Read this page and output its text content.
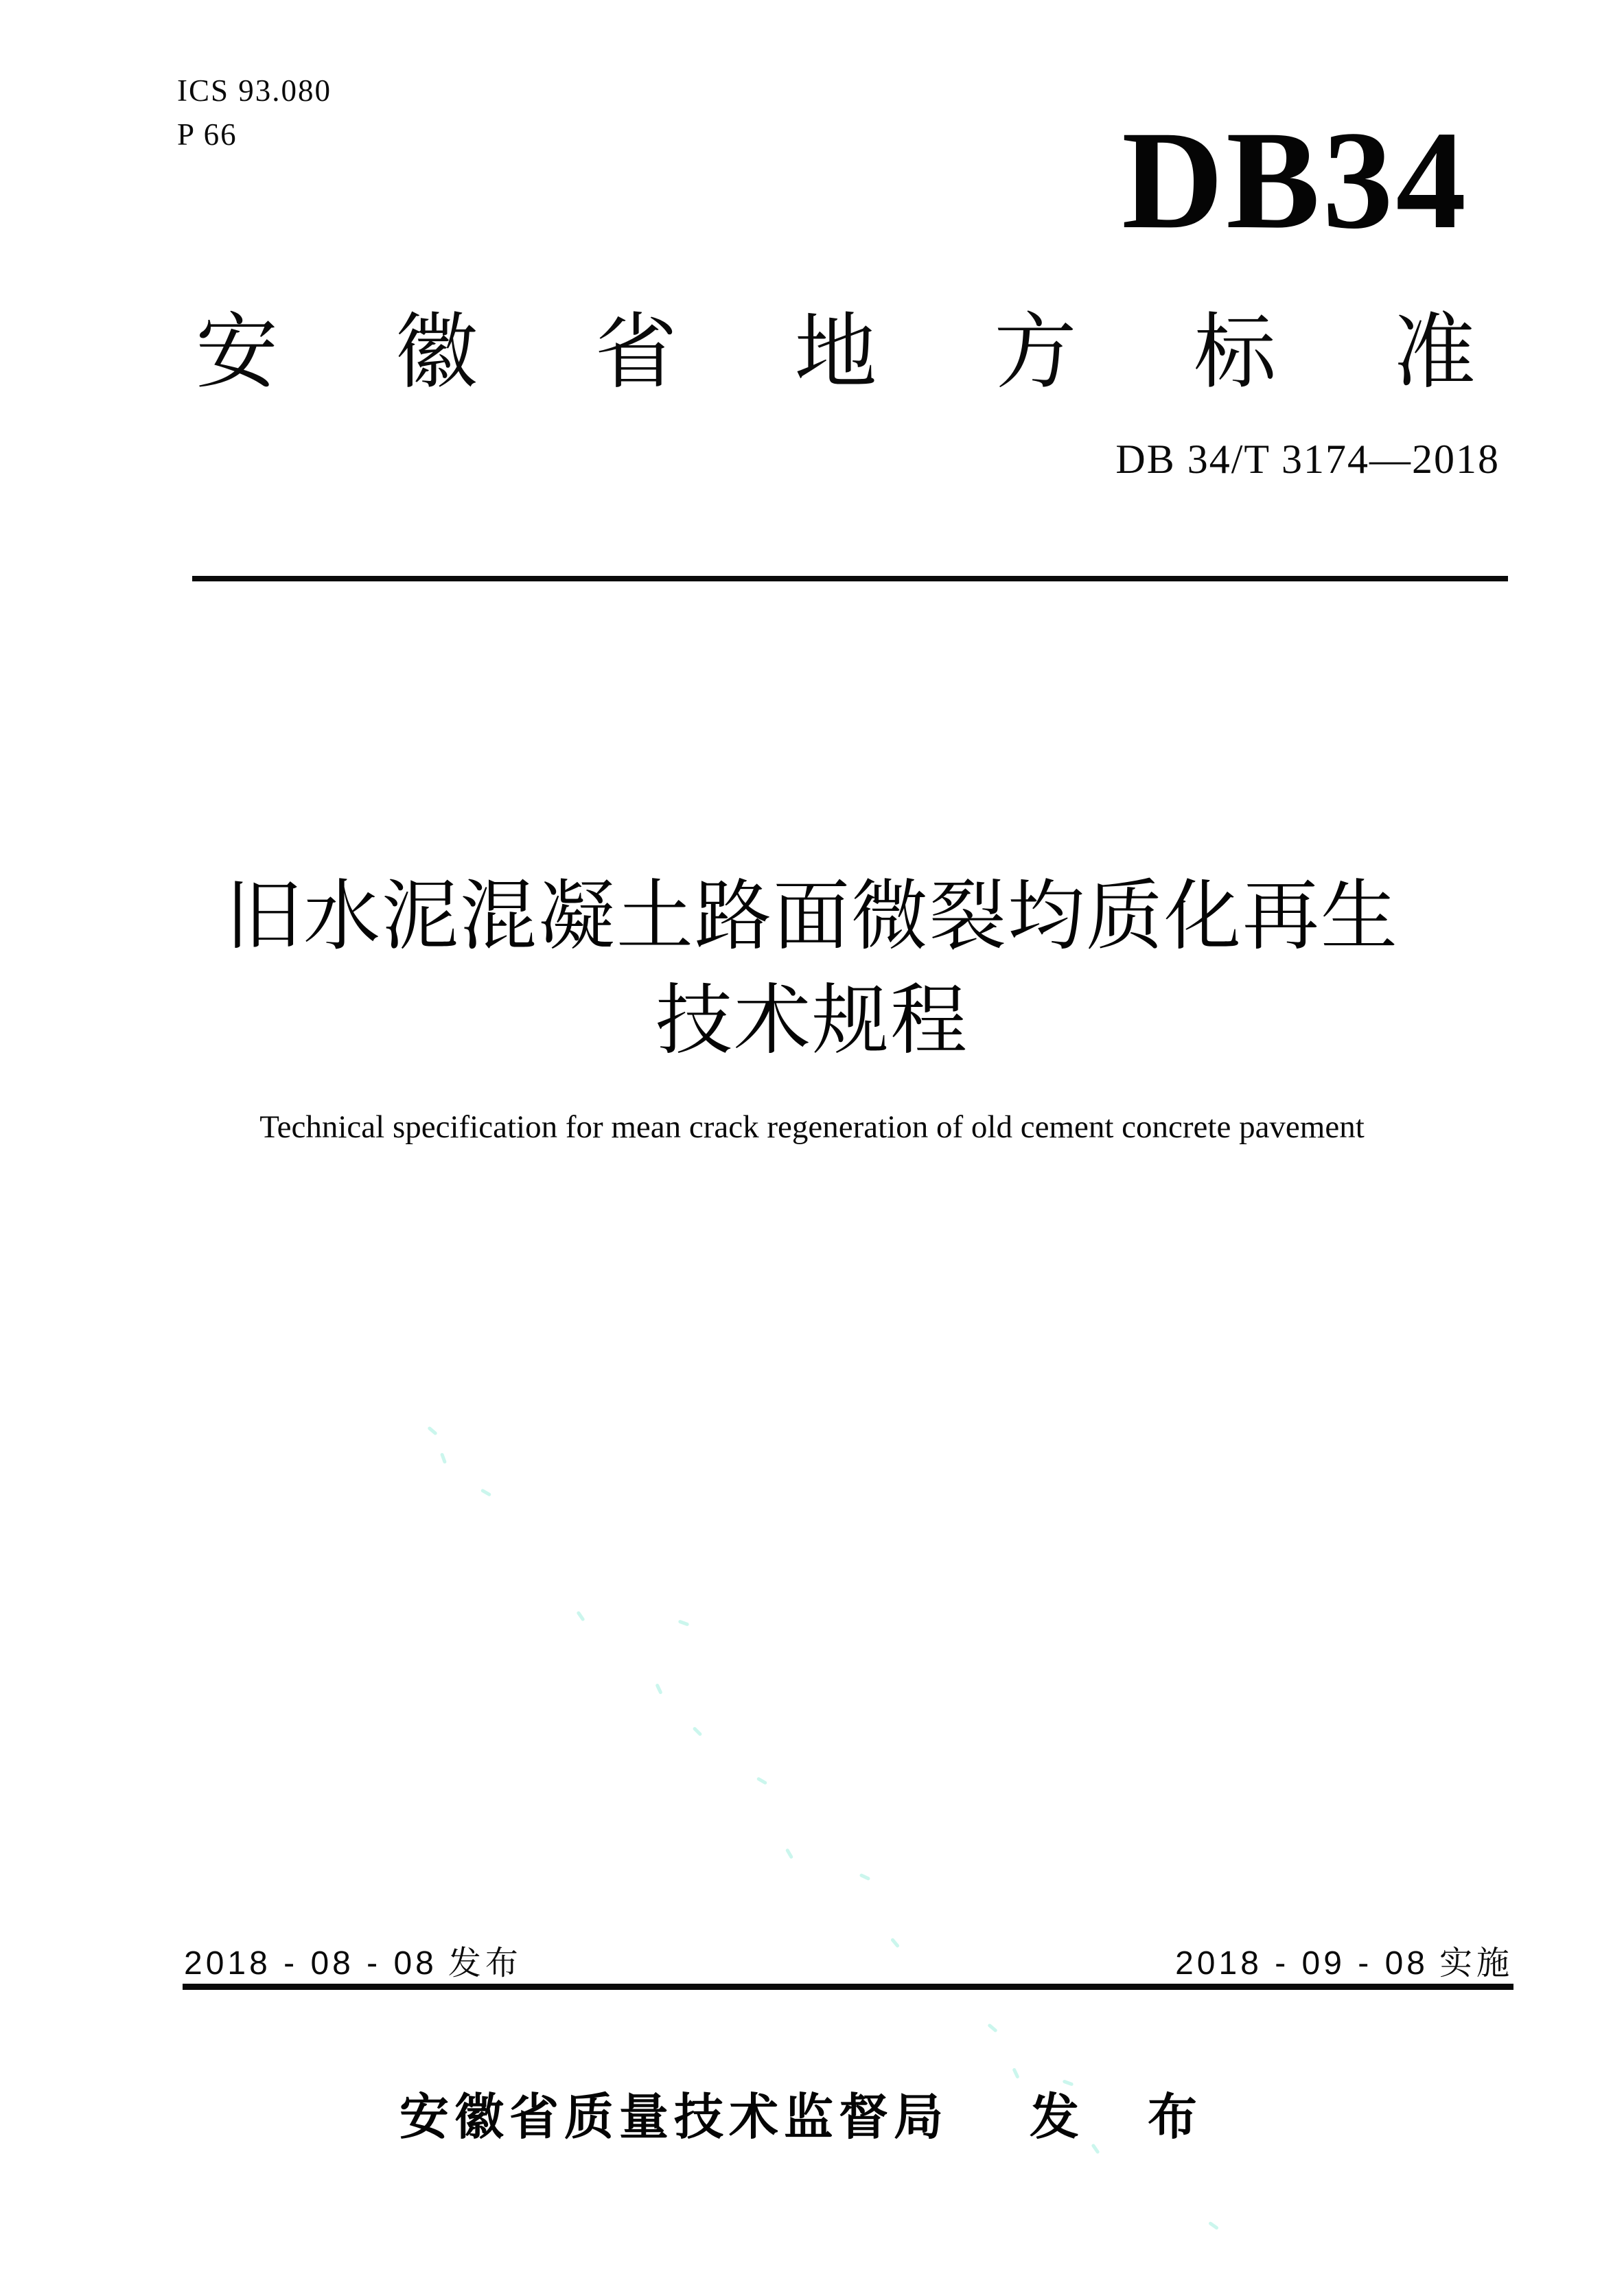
ICS 93.080
P 66	DB34
安 徽 省 地 方 标 准
DB 34/T 3174—2018
旧水泥混凝土路面微裂均质化再生
技术规程
Technical specification for mean crack regeneration of old cement concrete pavement
2018 - 08 - 08 发布	2018 - 09 - 08 实施
安徽省质量技术监督局 发 布
